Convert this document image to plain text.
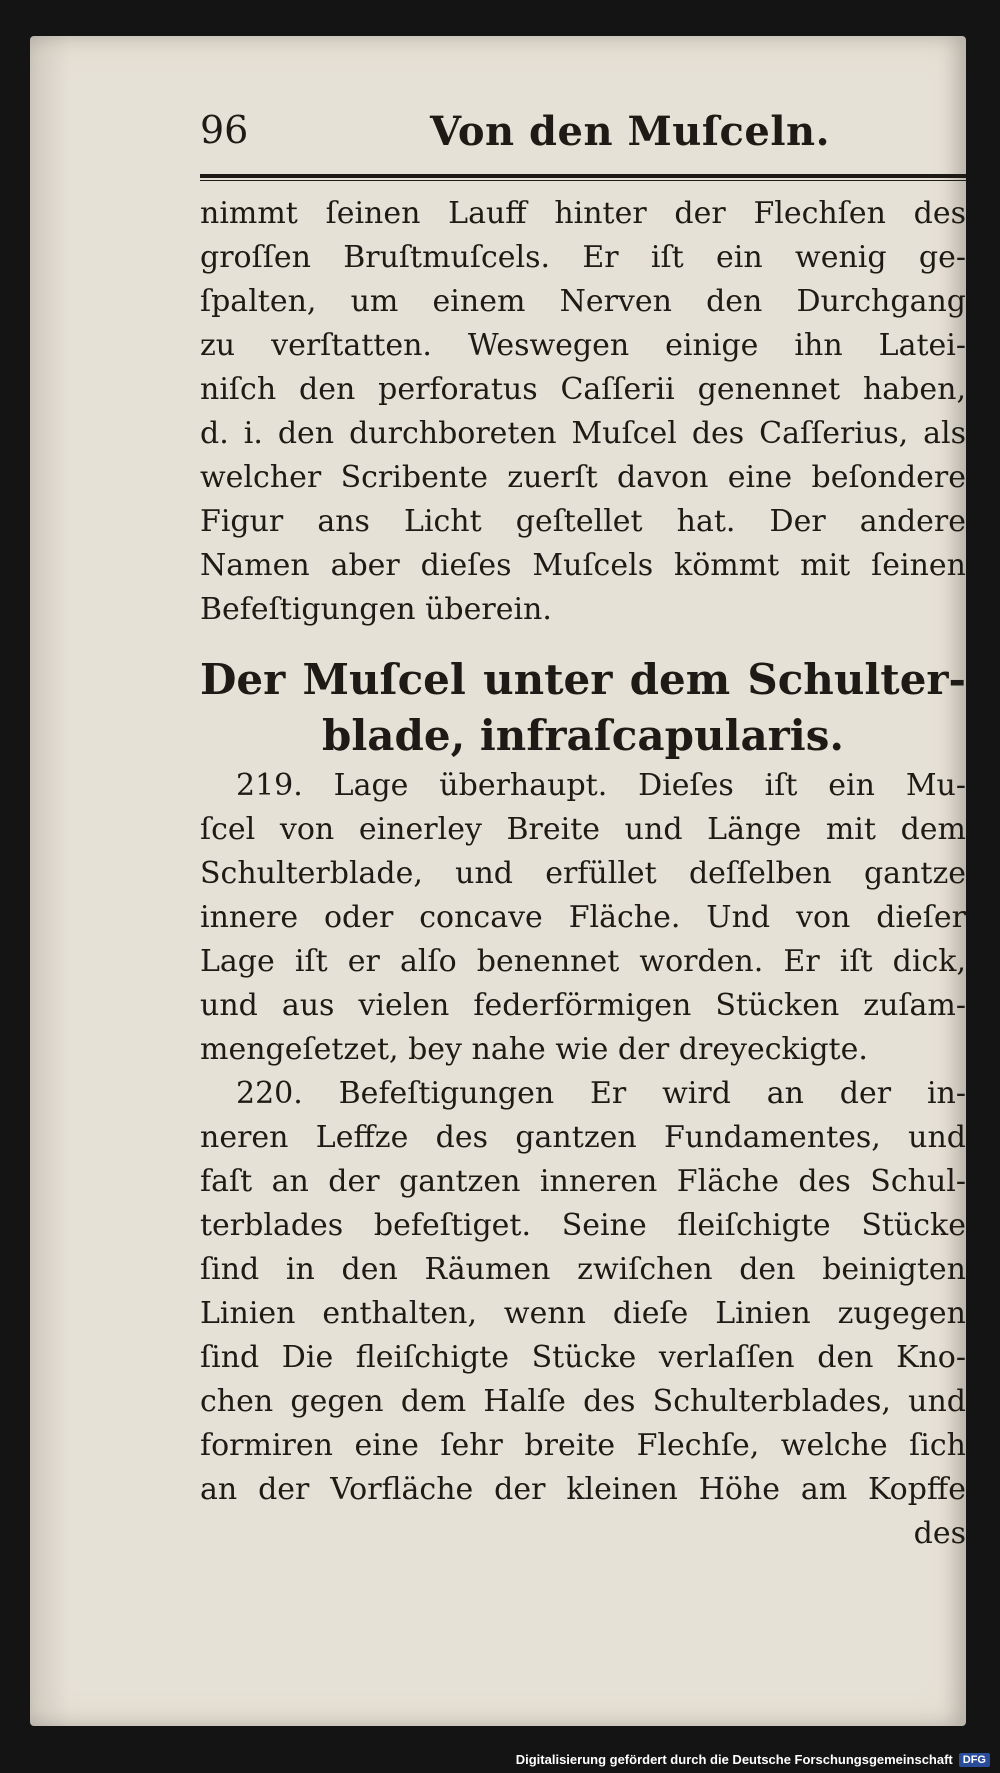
96	Von den Muſceln.
nimmt ſeinen Lauff hinter der Flechſen des
groſſen Bruſtmuſcels. Er iſt ein wenig ge-
ſpalten, um einem Nerven den Durchgang
zu verſtatten. Weswegen einige ihn Latei-
niſch den perforatus Caſſerii genennet haben,
d. i. den durchboreten Muſcel des Caſſerius, als
welcher Scribente zuerſt davon eine beſondere
Figur ans Licht geſtellet hat. Der andere
Namen aber dieſes Muſcels kömmt mit ſeinen
Befeſtigungen überein.
Der Muſcel unter dem Schulter-
blade, infraſcapularis.
219. Lage überhaupt. Dieſes iſt ein Mu-
ſcel von einerley Breite und Länge mit dem
Schulterblade, und erfüllet deſſelben gantze
innere oder concave Fläche. Und von dieſer
Lage iſt er alſo benennet worden. Er iſt dick,
und aus vielen federförmigen Stücken zuſam-
mengeſetzet, bey nahe wie der dreyeckigte.
220. Befeſtigungen Er wird an der in-
neren Leffze des gantzen Fundamentes, und
faſt an der gantzen inneren Fläche des Schul-
terblades befeſtiget. Seine fleiſchigte Stücke
ſind in den Räumen zwiſchen den beinigten
Linien enthalten, wenn dieſe Linien zugegen
ſind Die fleiſchigte Stücke verlaſſen den Kno-
chen gegen dem Halſe des Schulterblades, und
formiren eine ſehr breite Flechſe, welche ſich
an der Vorfläche der kleinen Höhe am Kopffe
des
Digitalisierung gefördert durch die Deutsche Forschungsgemeinschaft DFG
